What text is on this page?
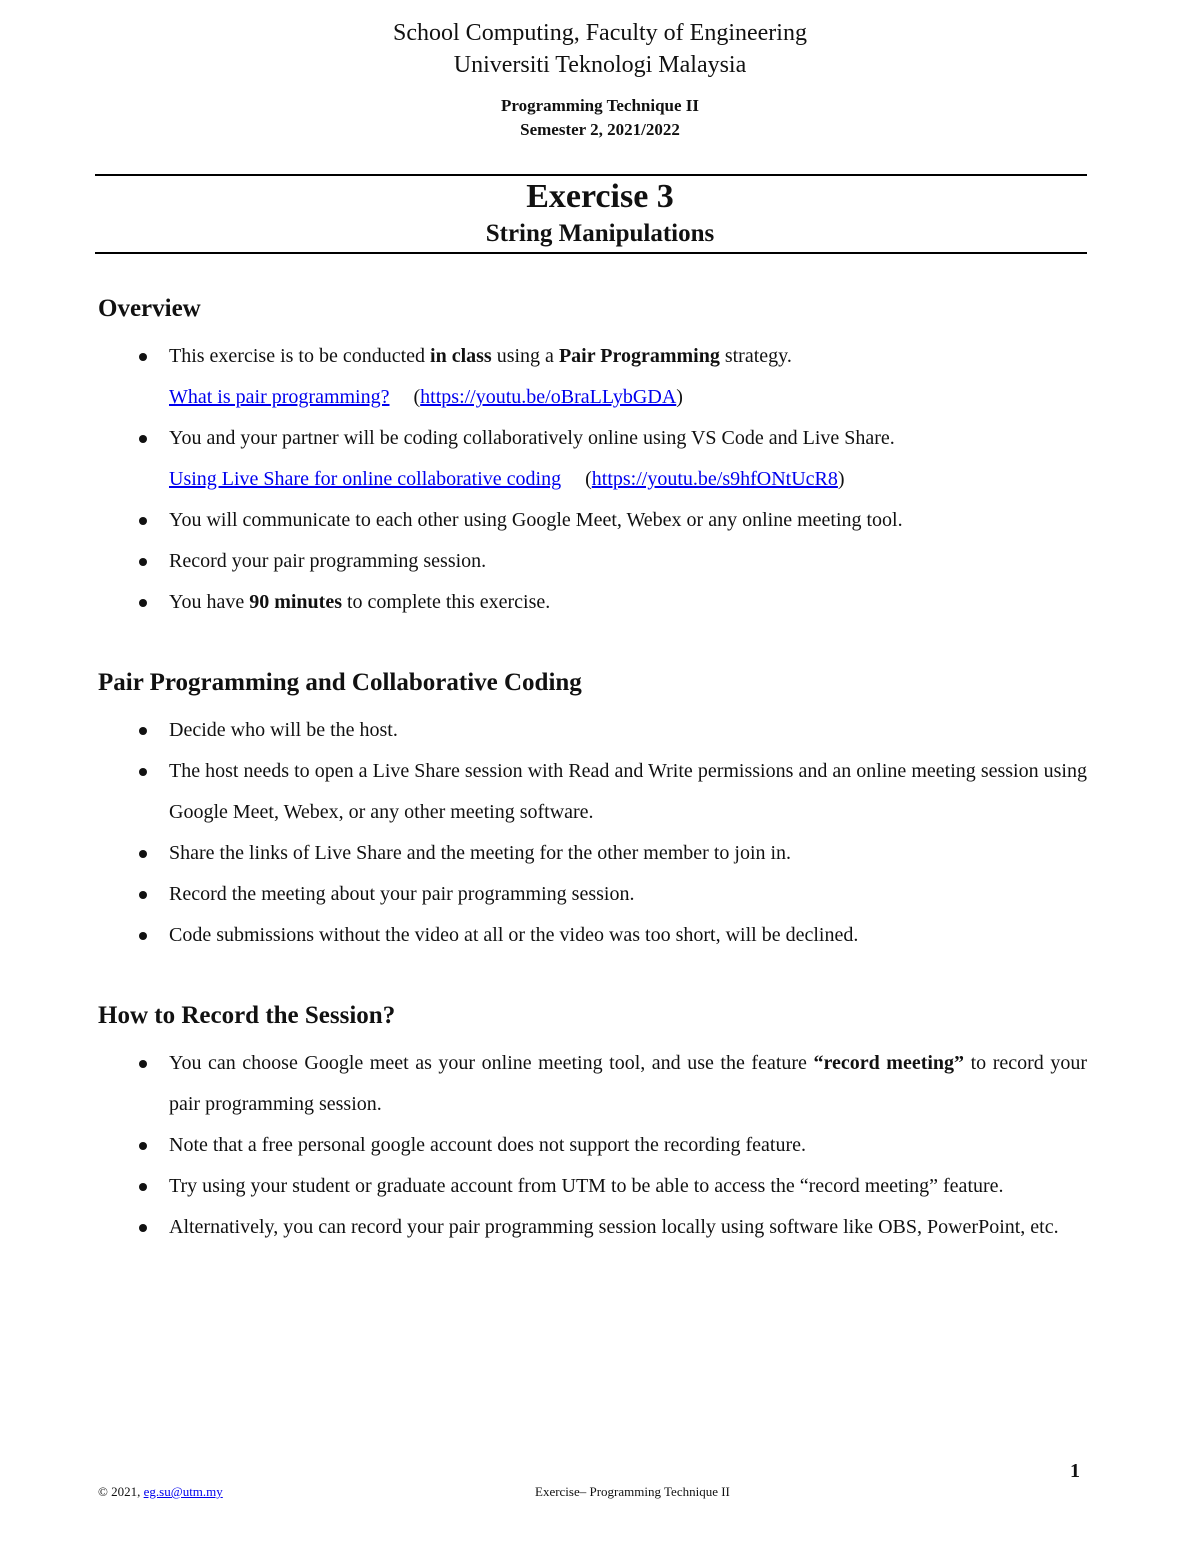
School Computing, Faculty of Engineering
Universiti Teknologi Malaysia
Programming Technique II
Semester 2, 2021/2022
Exercise 3
String Manipulations
Overview
This exercise is to be conducted in class using a Pair Programming strategy.
What is pair programming? (https://youtu.be/oBraLLybGDA)
You and your partner will be coding collaboratively online using VS Code and Live Share.
Using Live Share for online collaborative coding (https://youtu.be/s9hfONtUcR8)
You will communicate to each other using Google Meet, Webex or any online meeting tool.
Record your pair programming session.
You have 90 minutes to complete this exercise.
Pair Programming and Collaborative Coding
Decide who will be the host.
The host needs to open a Live Share session with Read and Write permissions and an online meeting session using Google Meet, Webex, or any other meeting software.
Share the links of Live Share and the meeting for the other member to join in.
Record the meeting about your pair programming session.
Code submissions without the video at all or the video was too short, will be declined.
How to Record the Session?
You can choose Google meet as your online meeting tool, and use the feature “record meeting” to record your pair programming session.
Note that a free personal google account does not support the recording feature.
Try using your student or graduate account from UTM to be able to access the “record meeting” feature.
Alternatively, you can record your pair programming session locally using software like OBS, PowerPoint, etc.
1
© 2021, eg.su@utm.my	Exercise– Programming Technique II
